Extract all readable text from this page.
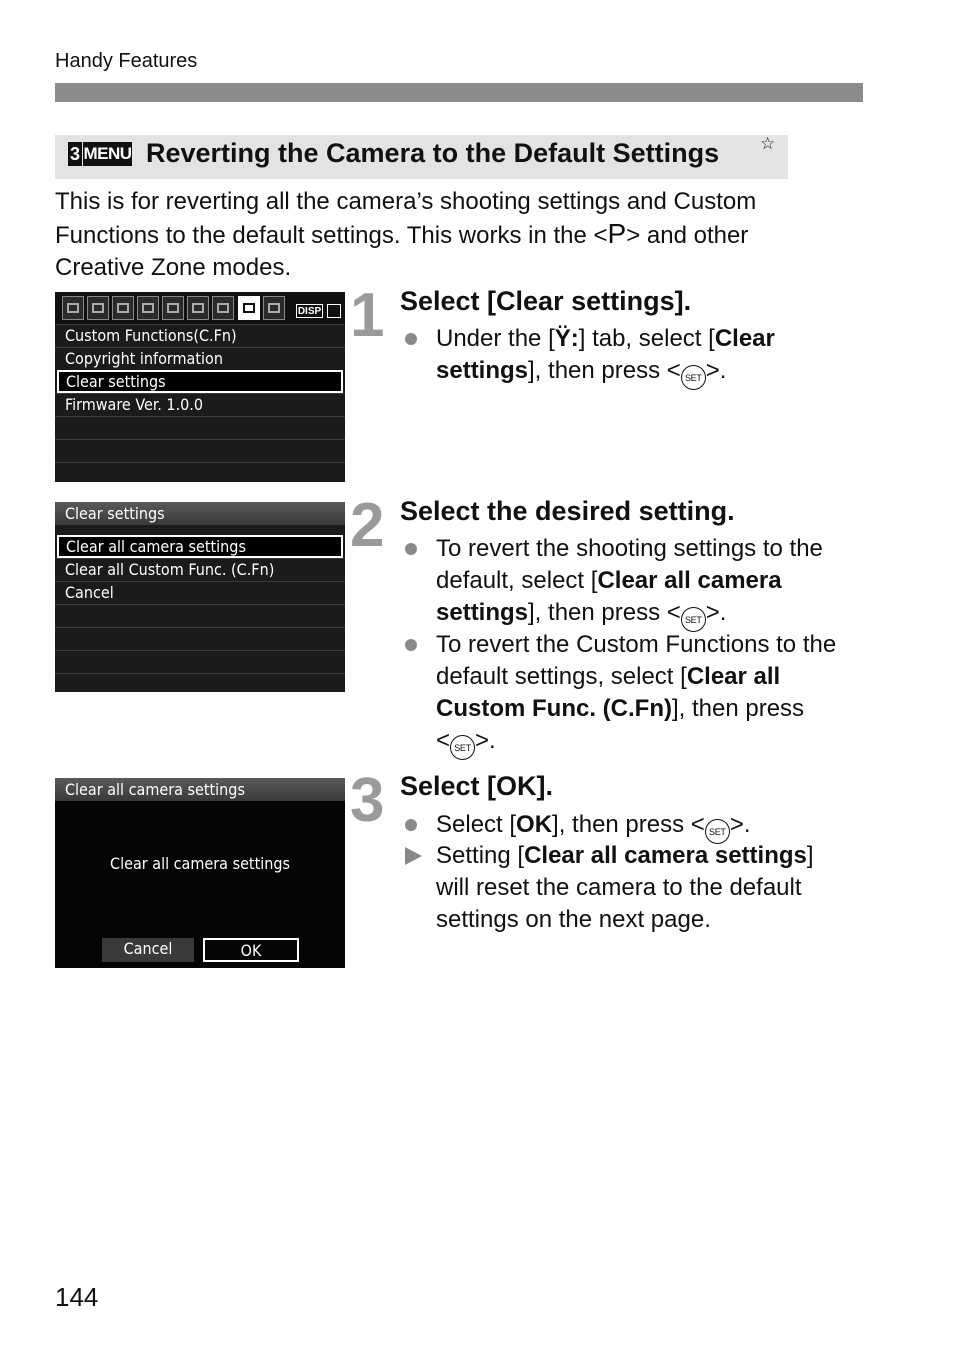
Handy Features
3 MENU Reverting the Camera to the Default Settings ☆

This is for reverting all the camera’s shooting settings and Custom

Functions to the default settings. This works in the <P> and other

Creative Zone modes.

DISP
Custom Functions(C.Fn)
Copyright information
Clear settings
Firmware Ver. 1.0.0
Clear settings
Clear all camera settings
Clear all Custom Func. (C.Fn)
Cancel
Clear all camera settings
Clear all camera settings
Cancel	OK
1 Select [Clear settings].
Under the [Ÿ:] tab, select [Clear
settings], then press < SET >.
2 Select the desired setting.
To revert the shooting settings to the
default, select [Clear all camera
settings], then press < SET >.
To revert the Custom Functions to the
default settings, select [Clear all
Custom Func. (C.Fn)], then press
< SET >.
3 Select [OK].
Select [OK], then press < SET >.
Setting [Clear all camera settings]
will reset the camera to the default
settings on the next page.
144
